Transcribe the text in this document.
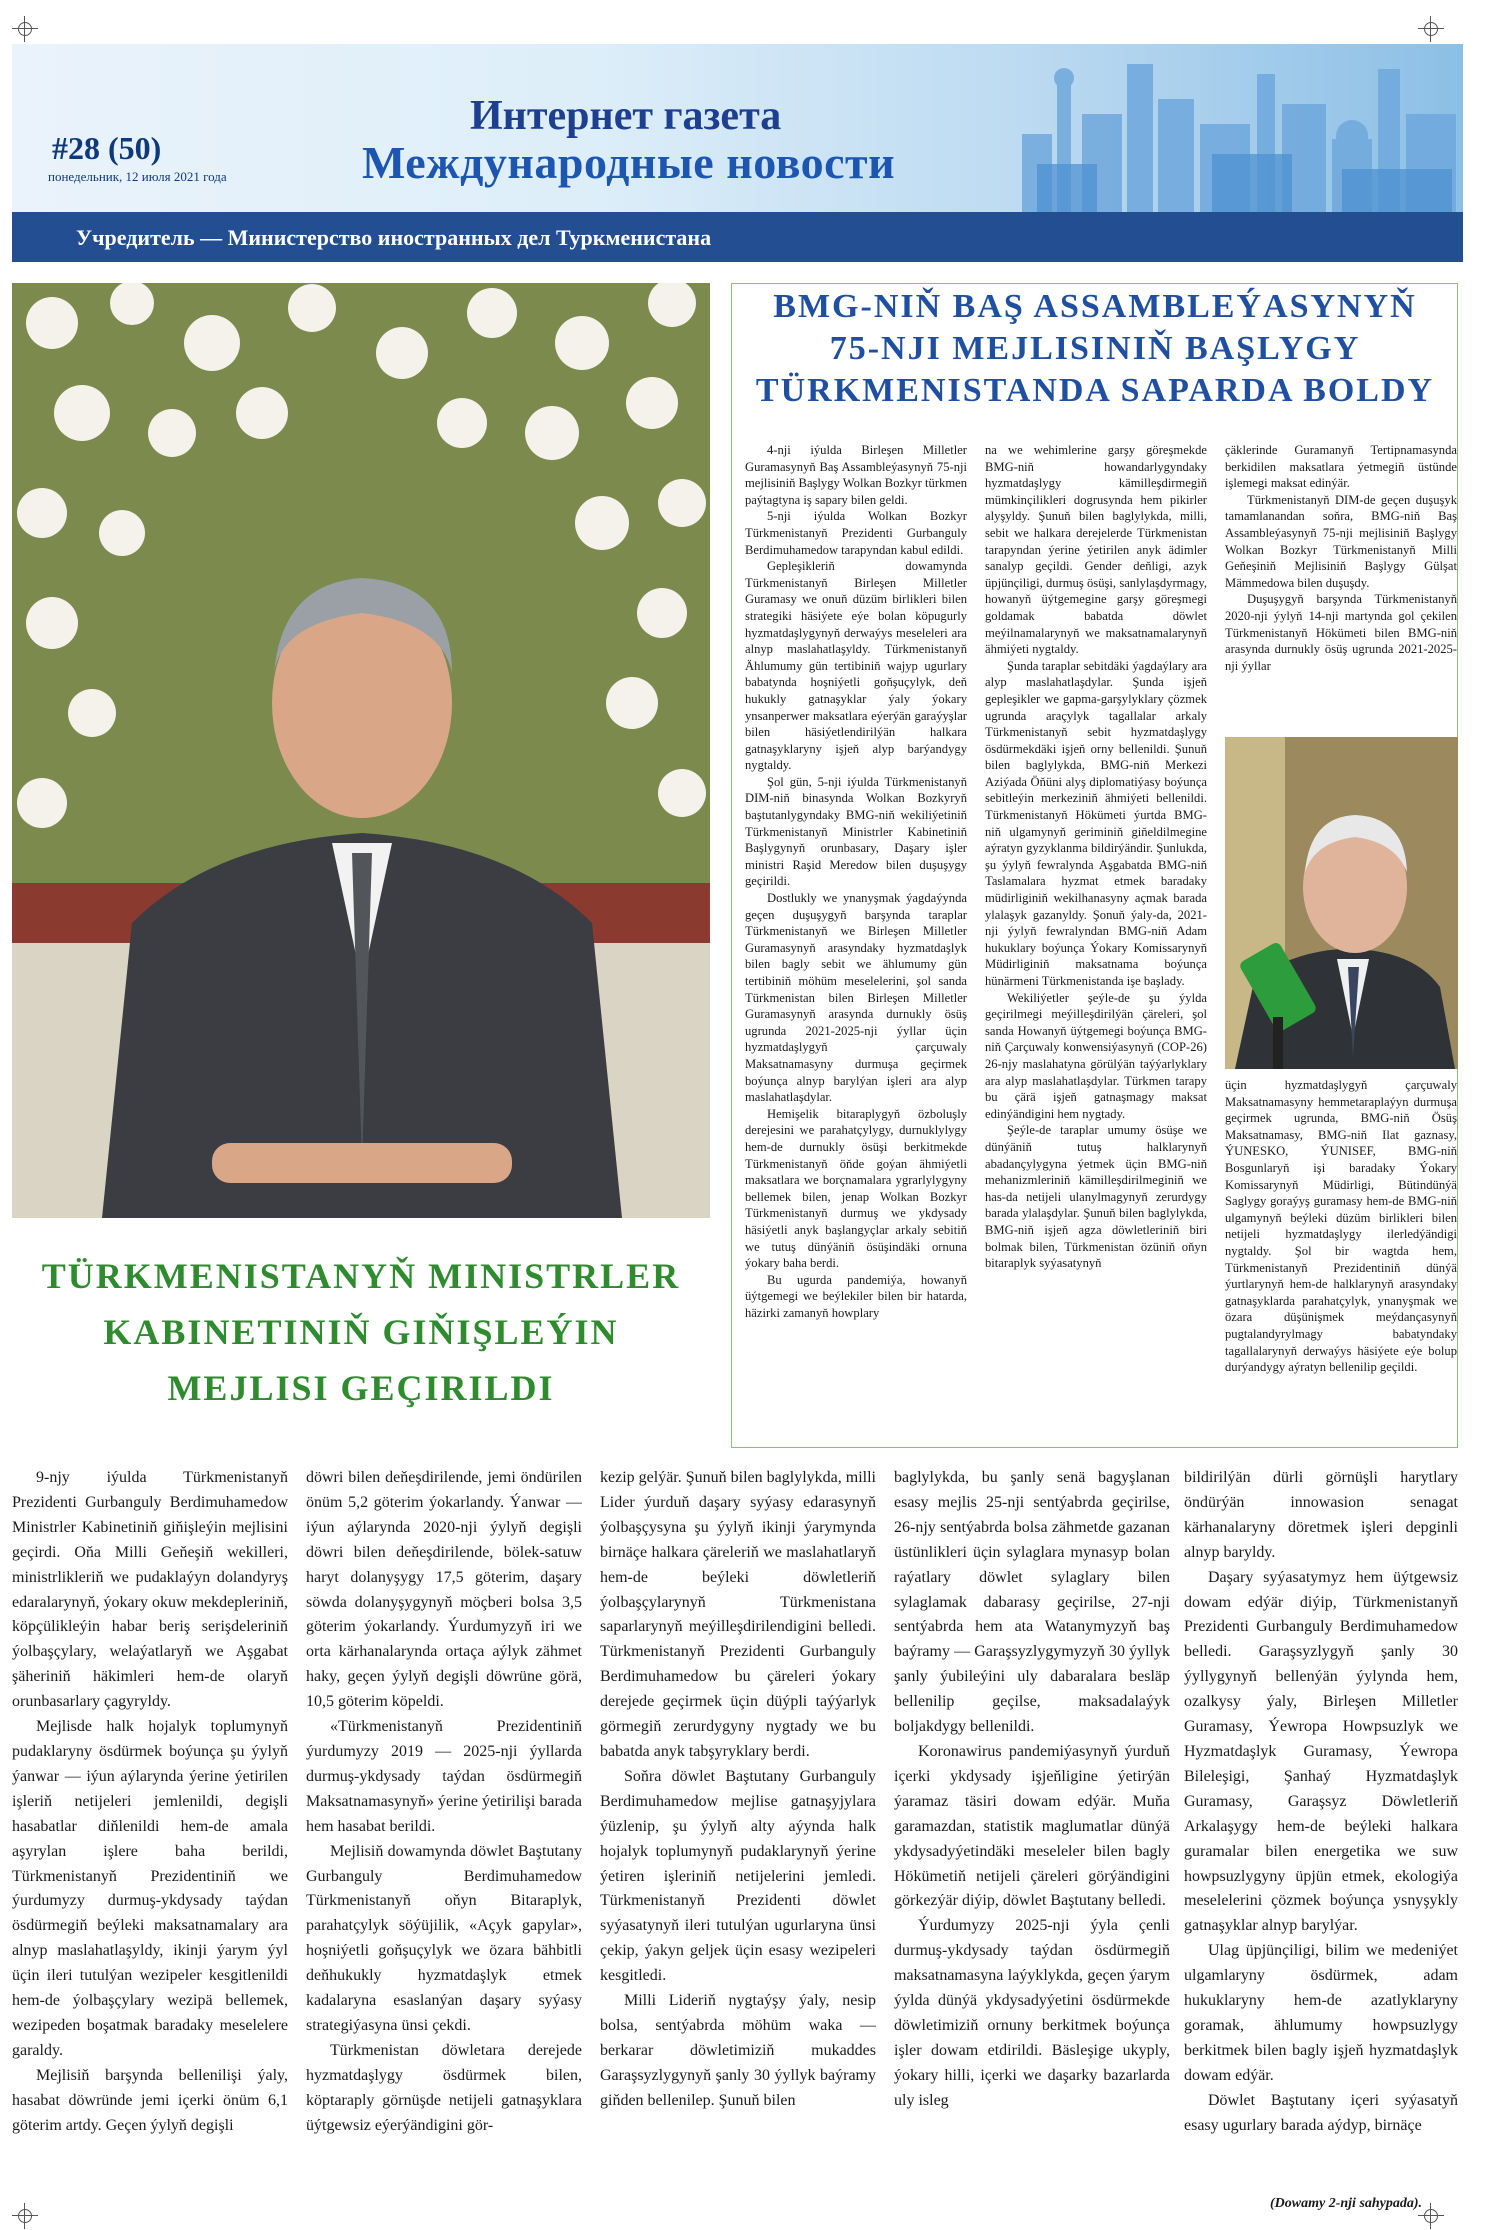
#28 (50)
понедельник, 12 июля 2021 года
Интернет газета
Международные новости
Учредитель — Министерство иностранных дел Туркменистана
BMG-NIŇ BAŞ ASSAMBLEÝASYNYŇ
75-NJI MEJLISINIŇ BAŞLYGY
TÜRKMENISTANDA SAPARDA BOLDY

4-nji iýulda Birleşen Milletler Guramasynyň Baş Assambleýasynyň 75-nji mejlisiniň Başlygy Wolkan Bozkyr türkmen paýtagtyna iş sapary bilen geldi.

5-nji iýulda Wolkan Bozkyr Türkmenistanyň Prezidenti Gurbanguly Berdimuhamedow tarapyndan kabul edildi.

Gepleşikleriň dowamynda Türkmenistanyň Birleşen Milletler Guramasy we onuň düzüm birlikleri bilen strategiki häsiýete eýe bolan köpugurly hyzmatdaşlygynyň derwaýys meseleleri ara alnyp maslahatlaşyldy. Türkmenistanyň Ählumumy gün tertibiniň wajyp ugurlary babatynda hoşniýetli goňşuçylyk, deň hukukly gatnaşyklar ýaly ýokary ynsanperwer maksatlara eýerýän garaýyşlar bilen häsiýetlendirilýän halkara gatnaşyklaryny işjeň alyp barýandygy nygtaldy.

Şol gün, 5-nji iýulda Türkmenistanyň DIM-niň binasynda Wolkan Bozkyryň baştutanlygyndaky BMG-niň wekiliýetiniň Türkmenistanyň Ministrler Kabinetiniň Başlygynyň orunbasary, Daşary işler ministri Raşid Meredow bilen duşuşygy geçirildi.

Dostlukly we ynanyşmak ýagdaýynda geçen duşuşygyň barşynda taraplar Türkmenistanyň we Birleşen Milletler Guramasynyň arasyndaky hyzmatdaşlyk bilen bagly sebit we ählumumy gün tertibiniň möhüm meselelerini, şol sanda Türkmenistan bilen Birleşen Milletler Guramasynyň arasynda durnukly ösüş ugrunda 2021-2025-nji ýyllar üçin hyzmatdaşlygyň çarçuwaly Maksatnamasyny durmuşa geçirmek boýunça alnyp barylýan işleri ara alyp maslahatlaşdylar.

Hemişelik bitaraplygyň özboluşly derejesini we parahatçylygy, durnuklylygy hem-de durnukly ösüşi berkitmekde Türkmenistanyň öňde goýan ähmiýetli maksatlara we borçnamalara ygrarlylygyny bellemek bilen, jenap Wolkan Bozkyr Türkmenistanyň durmuş we ykdysady häsiýetli anyk başlangyçlar arkaly sebitiň we tutuş dünýäniň ösüşindäki ornuna ýokary baha berdi.

Bu ugurda pandemiýa, howanyň üýtgemegi we beýlekiler bilen bir hatarda, häzirki zamanyň howplary

na we wehimlerine garşy göreşmekde BMG-niň howandarlygyndaky hyzmatdaşlygy kämilleşdirmegiň mümkinçilikleri dogrusynda hem pikirler alyşyldy. Şunuň bilen baglylykda, milli, sebit we halkara derejelerde Türkmenistan tarapyndan ýerine ýetirilen anyk ädimler sanalyp geçildi. Gender deňligi, azyk üpjünçiligi, durmuş ösüşi, sanlylaşdyrmagy, howanyň üýtgemegine garşy göreşmegi goldamak babatda döwlet meýilnamalarynyň we maksatnamalarynyň ähmiýeti nygtaldy.

Şunda taraplar sebitdäki ýagdaýlary ara alyp maslahatlaşdylar. Şunda işjeň gepleşikler we gapma-garşylyklary çözmek ugrunda araçylyk tagallalar arkaly Türkmenistanyň sebit hyzmatdaşlygy ösdürmekdäki işjeň orny bellenildi. Şunuň bilen baglylykda, BMG-niň Merkezi Aziýada Öňüni alyş diplomatiýasy boýunça sebitleýin merkeziniň ähmiýeti bellenildi. Türkmenistanyň Hökümeti ýurtda BMG-niň ulgamynyň geriminiň giňeldilmegine aýratyn gyzyklanma bildirýändir. Şunlukda, şu ýylyň fewralynda Aşgabatda BMG-niň Taslamalara hyzmat etmek baradaky müdirliginiň wekilhanasyny açmak barada ylalaşyk gazanyldy. Şonuň ýaly-da, 2021-nji ýylyň fewralyndan BMG-niň Adam hukuklary boýunça Ýokary Komissarynyň Müdirliginiň maksatnama boýunça hünärmeni Türkmenistanda işe başlady.

Wekiliýetler şeýle-de şu ýylda geçirilmegi meýilleşdirilýän çäreleri, şol sanda Howanyň üýtgemegi boýunça BMG-niň Çarçuwaly konwensiýasynyň (COP-26) 26-njy maslahatyna görülýän taýýarlyklary ara alyp maslahatlaşdylar. Türkmen tarapy bu çärä işjeň gatnaşmagy maksat edinýändigini hem nygtady.

Şeýle-de taraplar umumy ösüşe we dünýäniň tutuş halklarynyň abadançylygyna ýetmek üçin BMG-niň mehanizmleriniň kämilleşdirilmeginiň we has-da netijeli ulanylmagynyň zerurdygy barada ylalaşdylar. Şunuň bilen baglylykda, BMG-niň işjeň agza döwletleriniň biri bolmak bilen, Türkmenistan özüniň oňyn bitaraplyk syýasatynyň

çäklerinde Guramanyň Tertipnamasynda berkidilen maksatlara ýetmegiň üstünde işlemegi maksat edinýär.

Türkmenistanyň DIM-de geçen duşuşyk tamamlanandan soňra, BMG-niň Baş Assambleýasynyň 75-nji mejlisiniň Başlygy Wolkan Bozkyr Türkmenistanyň Milli Geňeşiniň Mejlisiniň Başlygy Gülşat Mämmedowa bilen duşuşdy.

Duşuşygyň barşynda Türkmenistanyň 2020-nji ýylyň 14-nji martynda gol çekilen Türkmenistanyň Hökümeti bilen BMG-niň arasynda durnukly ösüş ugrunda 2021-2025-nji ýyllar

üçin hyzmatdaşlygyň çarçuwaly Maksatnamasyny hemmetaraplaýyn durmuşa geçirmek ugrunda, BMG-niň Ösüş Maksatnamasy, BMG-niň Ilat gaznasy, ÝUNESKO, ÝUNISEF, BMG-niň Bosgunlaryň işi baradaky Ýokary Komissarynyň Müdirligi, Bütindünýä Saglygy goraýyş guramasy hem-de BMG-niň ulgamynyň beýleki düzüm birlikleri bilen netijeli hyzmatdaşlygy ilerledýändigi nygtaldy. Şol bir wagtda hem, Türkmenistanyň Prezidentiniň dünýä ýurtlarynyň hem-de halklarynyň arasyndaky gatnaşyklarda parahatçylyk, ynanyşmak we özara düşünişmek meýdançasynyň pugtalandyrylmagy babatyndaky tagallalarynyň derwaýys häsiýete eýe bolup durýandygy aýratyn bellenilip geçildi.

TÜRKMENISTANYŇ MINISTRLER
KABINETINIŇ GIŇIŞLEÝIN
MEJLISI GEÇIRILDI

9-njy iýulda Türkmenistanyň Prezidenti Gurbanguly Berdimuhamedow Ministrler Kabinetiniň giňişleýin mejlisini geçirdi. Oňa Milli Geňeşiň wekilleri, ministrlikleriň we pudaklaýyn dolandyryş edaralarynyň, ýokary okuw mekdepleriniň, köpçülikleýin habar beriş serişdeleriniň ýolbaşçylary, welaýatlaryň we Aşgabat şäheriniň häkimleri hem-de olaryň orunbasarlary çagyryldy.

Mejlisde halk hojalyk toplumynyň pudaklaryny ösdürmek boýunça şu ýylyň ýanwar — iýun aýlarynda ýerine ýetirilen işleriň netijeleri jemlenildi, degişli hasabatlar diňlenildi hem-de amala aşyrylan işlere baha berildi, Türkmenistanyň Prezidentiniň we ýurdumyzy durmuş-ykdysady taýdan ösdürmegiň beýleki maksatnamalary ara alnyp maslahatlaşyldy, ikinji ýarym ýyl üçin ileri tutulýan wezipeler kesgitlenildi hem-de ýolbaşçylary wezipä bellemek, wezipeden boşatmak baradaky meselelere garaldy.

Mejlisiň barşynda bellenilişi ýaly, hasabat döwründe jemi içerki önüm 6,1 göterim artdy. Geçen ýylyň degişli

döwri bilen deňeşdirilende, jemi öndürilen önüm 5,2 göterim ýokarlandy. Ýanwar — iýun aýlarynda 2020-nji ýylyň degişli döwri bilen deňeşdirilende, bölek-satuw haryt dolanyşygy 17,5 göterim, daşary söwda dolanyşygynyň möçberi bolsa 3,5 göterim ýokarlandy. Ýurdumyzyň iri we orta kärhanalarynda ortaça aýlyk zähmet haky, geçen ýylyň degişli döwrüne görä, 10,5 göterim köpeldi.

«Türkmenistanyň Prezidentiniň ýurdumyzy 2019 — 2025-nji ýyllarda durmuş-ykdysady taýdan ösdürmegiň Maksatnamasynyň» ýerine ýetirilişi barada hem hasabat berildi.

Mejlisiň dowamynda döwlet Baştutany Gurbanguly Berdimuhamedow Türkmenistanyň oňyn Bitaraplyk, parahatçylyk söýüjilik, «Açyk gapylar», hoşniýetli goňşuçylyk we özara bähbitli deňhukukly hyzmatdaşlyk etmek kadalaryna esaslanýan daşary syýasy strategiýasyna ünsi çekdi.

Türkmenistan döwletara derejede hyzmatdaşlygy ösdürmek bilen, köptaraply görnüşde netijeli gatnaşyklara üýtgewsiz eýerýändigini gör-

kezip gelýär. Şunuň bilen baglylykda, milli Lider ýurduň daşary syýasy edarasynyň ýolbaşçysyna şu ýylyň ikinji ýarymynda birnäçe halkara çäreleriň we maslahatlaryň hem-de beýleki döwletleriň ýolbaşçylarynyň Türkmenistana saparlarynyň meýilleşdirilendigini belledi. Türkmenistanyň Prezidenti Gurbanguly Berdimuhamedow bu çäreleri ýokary derejede geçirmek üçin düýpli taýýarlyk görmegiň zerurdygyny nygtady we bu babatda anyk tabşyryklary berdi.

Soňra döwlet Baştutany Gurbanguly Berdimuhamedow mejlise gatnaşyjylara ýüzlenip, şu ýylyň alty aýynda halk hojalyk toplumynyň pudaklarynyň ýerine ýetiren işleriniň netijelerini jemledi. Türkmenistanyň Prezidenti döwlet syýasatynyň ileri tutulýan ugurlaryna ünsi çekip, ýakyn geljek üçin esasy wezipeleri kesgitledi.

Milli Lideriň nygtaýşy ýaly, nesip bolsa, sentýabrda möhüm waka — berkarar döwletimiziň mukaddes Garaşsyzlygynyň şanly 30 ýyllyk baýramy giňden bellenilер. Şunuň bilen

baglylykda, bu şanly senä bagyşlanan esasy mejlis 25-nji sentýabrda geçirilse, 26-njy sentýabrda bolsa zähmetde gazanan üstünlikleri üçin sylaglara mynasyp bolan raýatlary döwlet sylaglary bilen sylaglamak dabarasy geçirilse, 27-nji sentýabrda hem ata Watanymyzyň baş baýramy — Garaşsyzlygymyzyň 30 ýyllyk şanly ýubileýini uly dabaralara besläp bellenilip geçilse, maksadalaýyk boljakdygy bellenildi.

Koronawirus pandemiýasynyň ýurduň içerki ykdysady işjeňligine ýetirýän ýaramaz täsiri dowam edýär. Muňa garamazdan, statistik maglumatlar dünýä ykdysadyýetindäki meseleler bilen bagly Hökümetiň netijeli çäreleri görýändigini görkezýär diýip, döwlet Baştutany belledi.

Ýurdumyzy 2025-nji ýyla çenli durmuş-ykdysady taýdan ösdürmegiň maksatnamasyna laýyklykda, geçen ýarym ýylda dünýä ykdysadyýetini ösdürmekde döwletimiziň ornuny berkitmek boýunça işler dowam etdirildi. Bäsleşige ukyply, ýokary hilli, içerki we daşarky bazarlarda uly isleg

bildirilýän dürli görnüşli harytlary öndürýän innowasion senagat kärhanalaryny döretmek işleri depginli alnyp baryldy.

Daşary syýasatymyz hem üýtgewsiz dowam edýär diýip, Türkmenistanyň Prezidenti Gurbanguly Berdimuhamedow belledi. Garaşsyzlygyň şanly 30 ýyllygynyň bellenýän ýylynda hem, ozalkysy ýaly, Birleşen Milletler Guramasy, Ýewropa Howpsuzlyk we Hyzmatdaşlyk Guramasy, Ýewropa Bileleşigi, Şanhaý Hyzmatdaşlyk Guramasy, Garaşsyz Döwletleriň Arkalaşygy hem-de beýleki halkara guramalar bilen energetika we suw howpsuzlygyny üpjün etmek, ekologiýa meselelerini çözmek boýunça ysnyşykly gatnaşyklar alnyp barylýar.

Ulag üpjünçiligi, bilim we medeniýet ulgamlaryny ösdürmek, adam hukuklaryny hem-de azatlyklaryny goramak, ählumumy howpsuzlygy berkitmek bilen bagly işjeň hyzmatdaşlyk dowam edýär.

Döwlet Baştutany içeri syýasatyň esasy ugurlary barada aýdyp, birnäçe

(Dowamy 2-nji sahypada).
